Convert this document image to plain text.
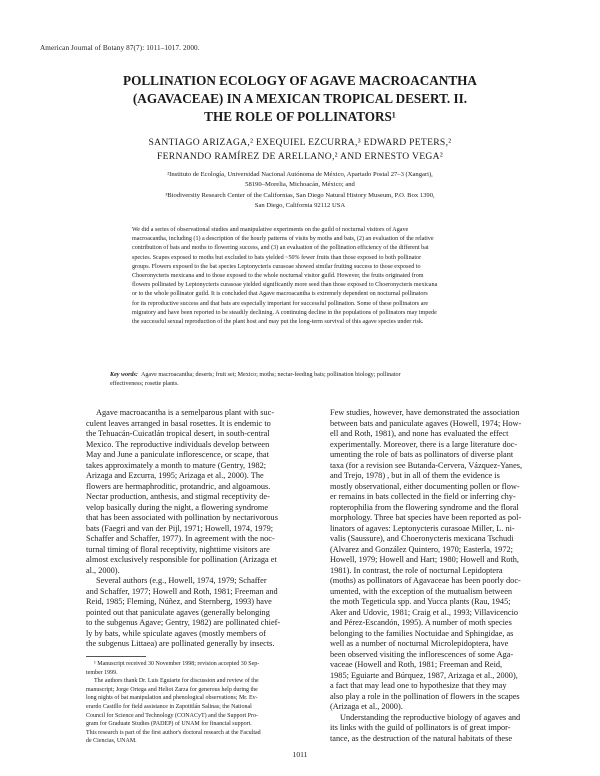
American Journal of Botany 87(7): 1011–1017. 2000.
POLLINATION ECOLOGY OF AGAVE MACROACANTHA
(AGAVACEAE) IN A MEXICAN TROPICAL DESERT. II.
THE ROLE OF POLLINATORS¹
SANTIAGO ARIZAGA,² EXEQUIEL EZCURRA,³ EDWARD PETERS,²
FERNANDO RAMÍREZ DE ARELLANO,² AND ERNESTO VEGA²
²Instituto de Ecología, Universidad Nacional Autónoma de México, Apartado Postal 27–3 (Xangari),
58190–Morelia, Michoacán, México; and
³Biodiversity Research Center of the Californias, San Diego Natural History Museum, P.O. Box 1390,
San Diego, California 92112 USA
We did a series of observational studies and manipulative experiments on the guild of nocturnal visitors of Agave
macroacantha, including (1) a description of the hourly patterns of visits by moths and bats, (2) an evaluation of the relative
contribution of bats and moths to flowering success, and (3) an evaluation of the pollination efficiency of the different bat
species. Scapes exposed to moths but excluded to bats yielded ~50% fewer fruits than those exposed to both pollinator
groups. Flowers exposed to the bat species Leptonycteris curasoae showed similar fruiting success to those exposed to
Choeronycteris mexicana and to those exposed to the whole nocturnal visitor guild. However, the fruits originated from
flowers pollinated by Leptonycteris curasoae yielded significantly more seed than those exposed to Choeronycteris mexicana
or to the whole pollinator guild. It is concluded that Agave macroacantha is extremely dependent on nocturnal pollinators
for its reproductive success and that bats are especially important for successful pollination. Some of these pollinators are
migratory and have been reported to be steadily declining. A continuing decline in the populations of pollinators may impede
the successful sexual reproduction of the plant host and may put the long-term survival of this agave species under risk.
Key words: Agave macroacantha; deserts; fruit set; Mexico; moths; nectar-feeding bats; pollination biology; pollinator
effectiveness; rosette plants.
Agave macroacantha is a semelparous plant with suc-
culent leaves arranged in basal rosettes. It is endemic to
the Tehuacán-Cuicatlán tropical desert, in south-central
Mexico. The reproductive individuals develop between
May and June a paniculate inflorescence, or scape, that
takes approximately a month to mature (Gentry, 1982;
Arizaga and Ezcurra, 1995; Arizaga et al., 2000). The
flowers are hermaphroditic, protandric, and algoamous.
Nectar production, anthesis, and stigmal receptivity de-
velop basically during the night, a flowering syndrome
that has been associated with pollination by nectarivorous
bats (Faegri and van der Pijl, 1971; Howell, 1974, 1979;
Schaffer and Schaffer, 1977). In agreement with the noc-
turnal timing of floral receptivity, nighttime visitors are
almost exclusively responsible for pollination (Arizaga et
al., 2000).
Several authors (e.g., Howell, 1974, 1979; Schaffer
and Schaffer, 1977; Howell and Roth, 1981; Freeman and
Reid, 1985; Fleming, Núñez, and Sternberg, 1993) have
pointed out that paniculate agaves (generally belonging
to the subgenus Agave; Gentry, 1982) are pollinated chief-
ly by bats, while spiculate agaves (mostly members of
the subgenus Littaea) are pollinated generally by insects.
¹ Manuscript received 30 November 1998; revision accepted 30 Sep-
tember 1999.
The authors thank Dr. Luis Eguiarte for discussion and review of the
manuscript; Jorge Ortega and Heliot Zarza for generous help during the
long nights of bat manipulation and phenological observations; Mr. Ev-
erardo Castillo for field assistance in Zapotitlán Salinas; the National
Council for Science and Technology (CONACyT) and the Support Pro-
gram for Graduate Studies (PADEP) of UNAM for financial support.
This research is part of the first author's doctoral research at the Facultad
de Ciencias, UNAM.
Few studies, however, have demonstrated the association
between bats and paniculate agaves (Howell, 1974; How-
ell and Roth, 1981), and none has evaluated the effect
experimentally. Moreover, there is a large literature doc-
umenting the role of bats as pollinators of diverse plant
taxa (for a revision see Butanda-Cervera, Vázquez-Yanes,
and Trejo, 1978) , but in all of them the evidence is
mostly observational, either documenting pollen or flow-
er remains in bats collected in the field or inferring chy-
ropterophilia from the flowering syndrome and the floral
morphology. Three bat species have been reported as pol-
linators of agaves: Leptonycteris curasoae Miller, L. ni-
valis (Saussure), and Choeronycteris mexicana Tschudi
(Alvarez and González Quintero, 1970; Easterla, 1972;
Howell, 1979; Howell and Hart; 1980; Howell and Roth,
1981). In contrast, the role of nocturnal Lepidoptera
(moths) as pollinators of Agavaceae has been poorly doc-
umented, with the exception of the mutualism between
the moth Tegeticula spp. and Yucca plants (Rau, 1945;
Aker and Udovic, 1981; Craig et al., 1993; Villavicencio
and Pérez-Escandón, 1995). A number of moth species
belonging to the families Noctuidae and Sphingidae, as
well as a number of nocturnal Microlepidoptera, have
been observed visiting the inflorescences of some Aga-
vaceae (Howell and Roth, 1981; Freeman and Reid,
1985; Eguiarte and Búrquez, 1987, Arizaga et al., 2000),
a fact that may lead one to hypothesize that they may
also play a role in the pollination of flowers in the scapes
(Arizaga et al., 2000).
Understanding the reproductive biology of agaves and
its links with the guild of pollinators is of great impor-
tance, as the destruction of the natural habitats of these
1011
